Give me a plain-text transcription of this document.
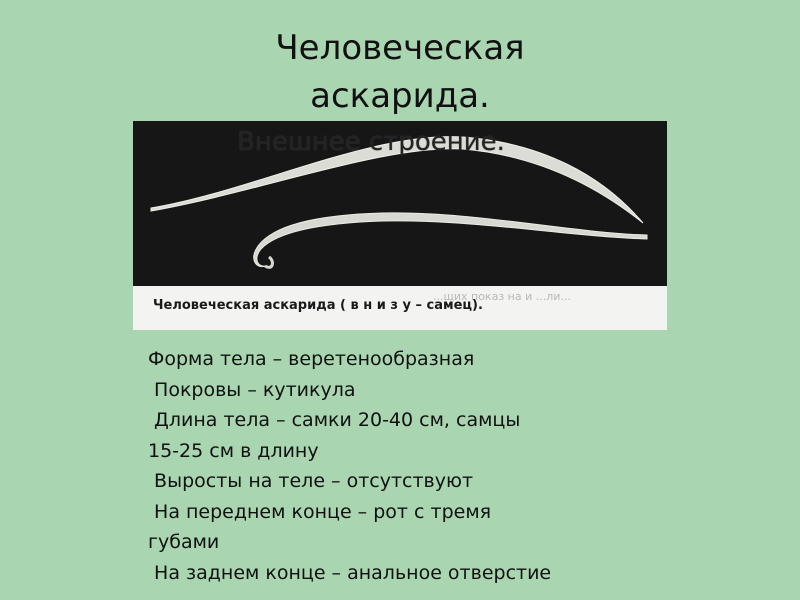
Человеческая
аскарида.
...щих показ на и ...ли...
Человеческая аскарида ( в н и з у – самец).
Внешнее строение.
Форма тела – веретенообразная
Покровы – кутикула
Длина тела – самки 20-40 см, самцы
15-25 см в длину
Выросты на теле – отсутствуют
На переднем конце – рот с тремя
губами
На заднем конце – анальное отверстие
